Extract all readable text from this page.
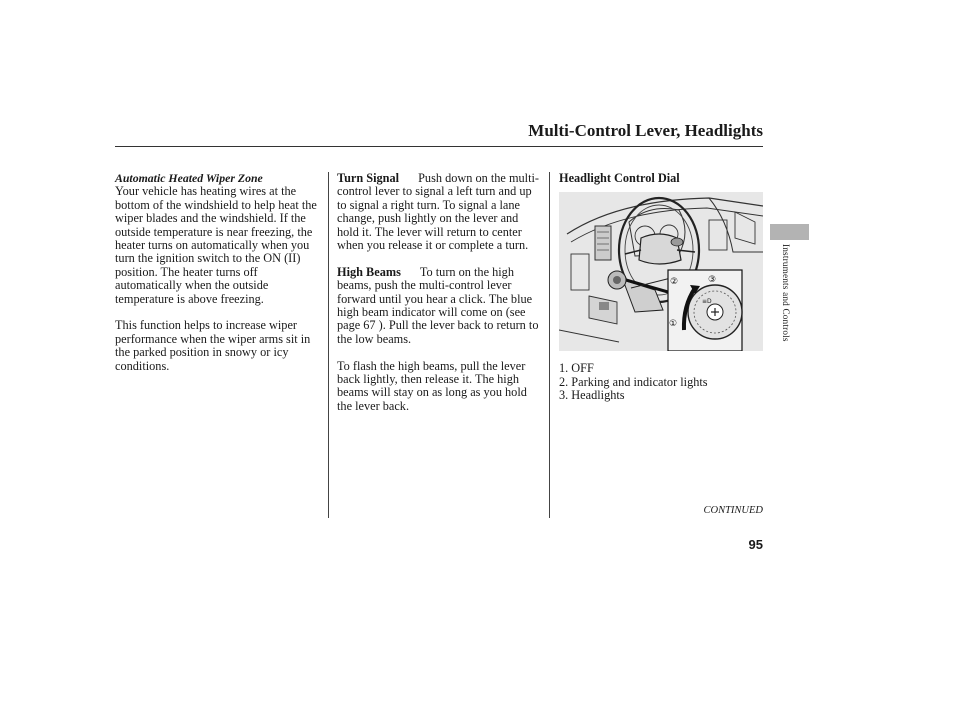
Multi-Control Lever, Headlights

Automatic Heated Wiper Zone

Your vehicle has heating wires at the bottom of the windshield to help heat the wiper blades and the windshield. If the outside temperature is near freezing, the heater turns on automatically when you turn the ignition switch to the ON (II) position. The heater turns off automatically when the outside temperature is above freezing.

This function helps to increase wiper performance when the wiper arms sit in the parked position in snowy or icy conditions.

Turn Signal Push down on the multi-control lever to signal a left turn and up to signal a right turn. To signal a lane change, push lightly on the lever and hold it. The lever will return to center when you release it or complete a turn.

High Beams To turn on the high beams, push the multi-control lever forward until you hear a click. The blue high beam indicator will come on (see page 67 ). Pull the lever back to return to the low beams.

To flash the high beams, pull the lever back lightly, then release it. The high beams will stay on as long as you hold the lever back.

Headlight Control Dial

≡D
②	③
①
1. OFF
2. Parking and indicator lights
3. Headlights
CONTINUED
95
Instruments and Controls
